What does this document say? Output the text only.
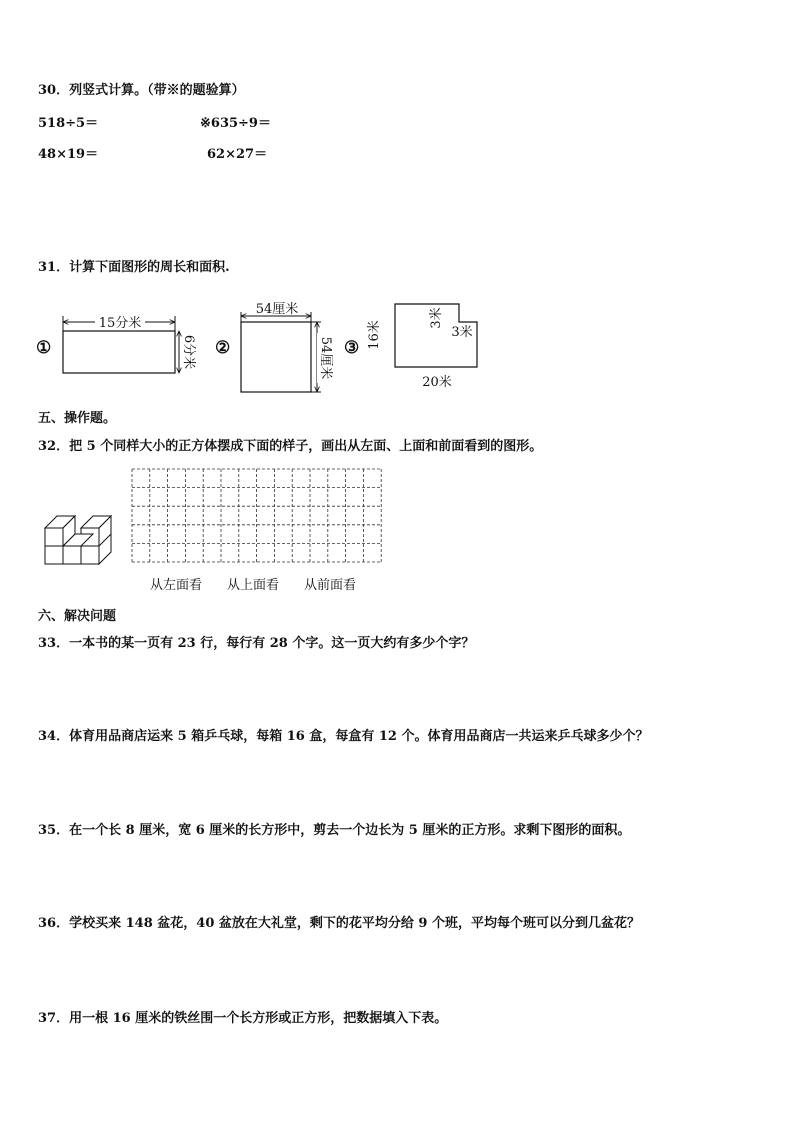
30．列竖式计算。（带※的题验算）
518÷5＝	※635÷9＝
48×19＝	62×27＝
31．计算下面图形的周长和面积.
①
15分米
6分米 ②
54厘米
54厘米 ③ 16米
20米
3米
3米
五、操作题。
32．把 5 个同样大小的正方体摆成下面的样子，画出从左面、上面和前面看到的图形。
从左面看 从上面看 从前面看
六、解决问题
33．一本书的某一页有 23 行，每行有 28 个字。这一页大约有多少个字？
34．体育用品商店运来 5 箱乒乓球，每箱 16 盒，每盒有 12 个。体育用品商店一共运来乒乓球多少个？
35．在一个长 8 厘米，宽 6 厘米的长方形中，剪去一个边长为 5 厘米的正方形。求剩下图形的面积。
36．学校买来 148 盆花，40 盆放在大礼堂，剩下的花平均分给 9 个班，平均每个班可以分到几盆花？
37．用一根 16 厘米的铁丝围一个长方形或正方形，把数据填入下表。
